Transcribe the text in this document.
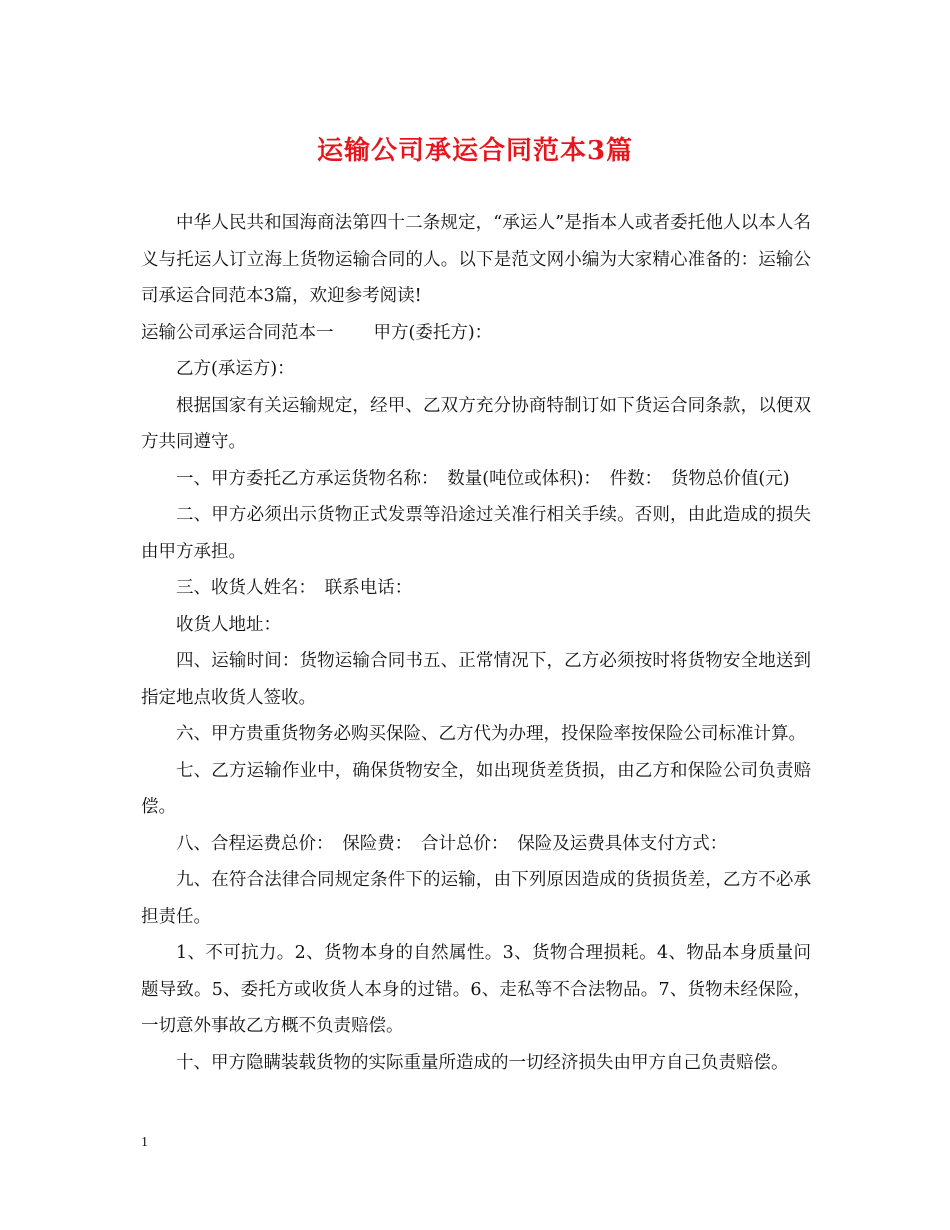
运输公司承运合同范本3篇

中华人民共和国海商法第四十二条规定，“承运人”是指本人或者委托他人以本人名义与托运人订立海上货物运输合同的人。以下是范文网小编为大家精心准备的：运输公司承运合同范本3篇，欢迎参考阅读!

运输公司承运合同范本一 甲方(委托方)：

乙方(承运方)：

根据国家有关运输规定，经甲、乙双方充分协商特制订如下货运合同条款，以便双方共同遵守。

一、甲方委托乙方承运货物名称：　数量(吨位或体积)：　件数：　货物总价值(元)

二、甲方必须出示货物正式发票等沿途过关准行相关手续。否则，由此造成的损失由甲方承担。

三、收货人姓名：　联系电话：

收货人地址：

四、运输时间：货物运输合同书五、正常情况下，乙方必须按时将货物安全地送到指定地点收货人签收。

六、甲方贵重货物务必购买保险、乙方代为办理，投保险率按保险公司标准计算。

七、乙方运输作业中，确保货物安全，如出现货差货损，由乙方和保险公司负责赔偿。

八、合程运费总价：　保险费：　合计总价：　保险及运费具体支付方式：

九、在符合法律合同规定条件下的运输，由下列原因造成的货损货差，乙方不必承担责任。

1、不可抗力。2、货物本身的自然属性。3、货物合理损耗。4、物品本身质量问题导致。5、委托方或收货人本身的过错。6、走私等不合法物品。7、货物未经保险，一切意外事故乙方概不负责赔偿。

十、甲方隐瞒装载货物的实际重量所造成的一切经济损失由甲方自己负责赔偿。

1
